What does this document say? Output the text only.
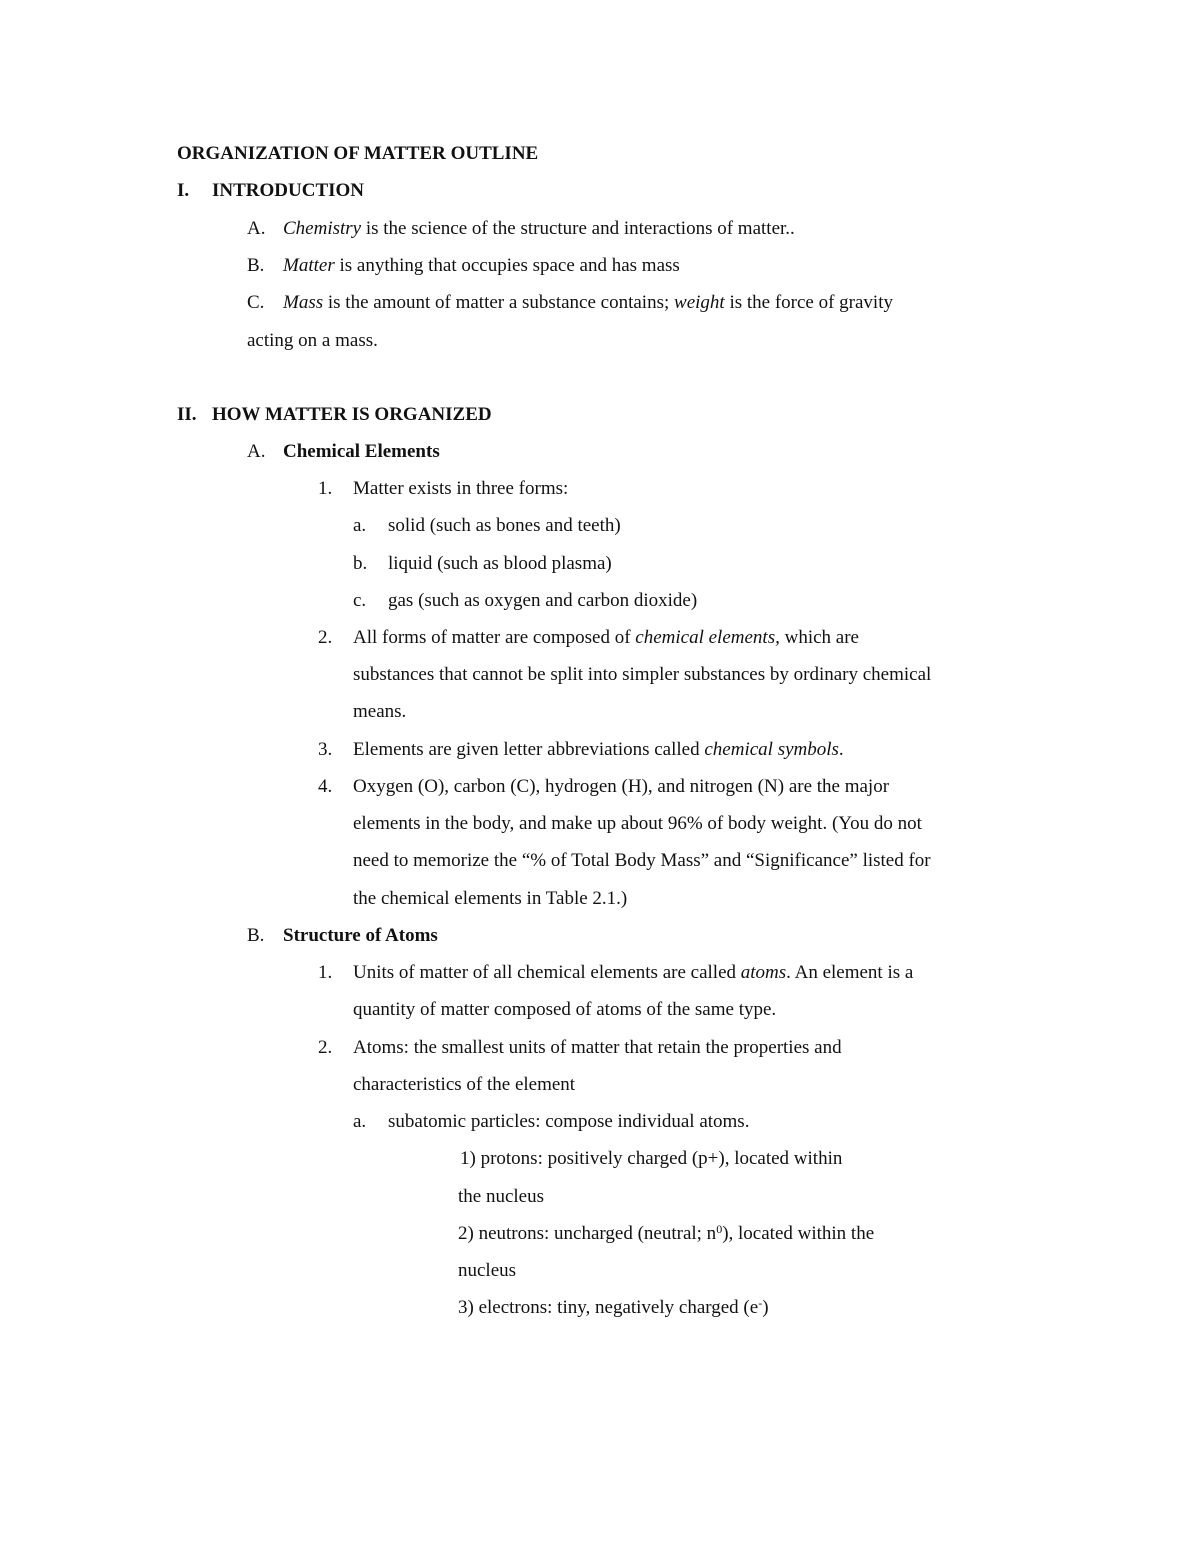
ORGANIZATION OF MATTER OUTLINE
I. INTRODUCTION
A. Chemistry is the science of the structure and interactions of matter..
B. Matter is anything that occupies space and has mass
C. Mass is the amount of matter a substance contains; weight is the force of gravity
acting on a mass.
II. HOW MATTER IS ORGANIZED
A. Chemical Elements
1. Matter exists in three forms:
a. solid (such as bones and teeth)
b. liquid (such as blood plasma)
c. gas (such as oxygen and carbon dioxide)
2. All forms of matter are composed of chemical elements, which are
substances that cannot be split into simpler substances by ordinary chemical
means.
3. Elements are given letter abbreviations called chemical symbols.
4. Oxygen (O), carbon (C), hydrogen (H), and nitrogen (N) are the major
elements in the body, and make up about 96% of body weight. (You do not
need to memorize the “% of Total Body Mass” and “Significance” listed for
the chemical elements in Table 2.1.)
B. Structure of Atoms
1. Units of matter of all chemical elements are called atoms. An element is a
quantity of matter composed of atoms of the same type.
2. Atoms: the smallest units of matter that retain the properties and
characteristics of the element
a. subatomic particles: compose individual atoms.
1) protons: positively charged (p+), located within
the nucleus
2) neutrons: uncharged (neutral; $n^0$), located within the
nucleus
3) electrons: tiny, negatively charged (e-)
